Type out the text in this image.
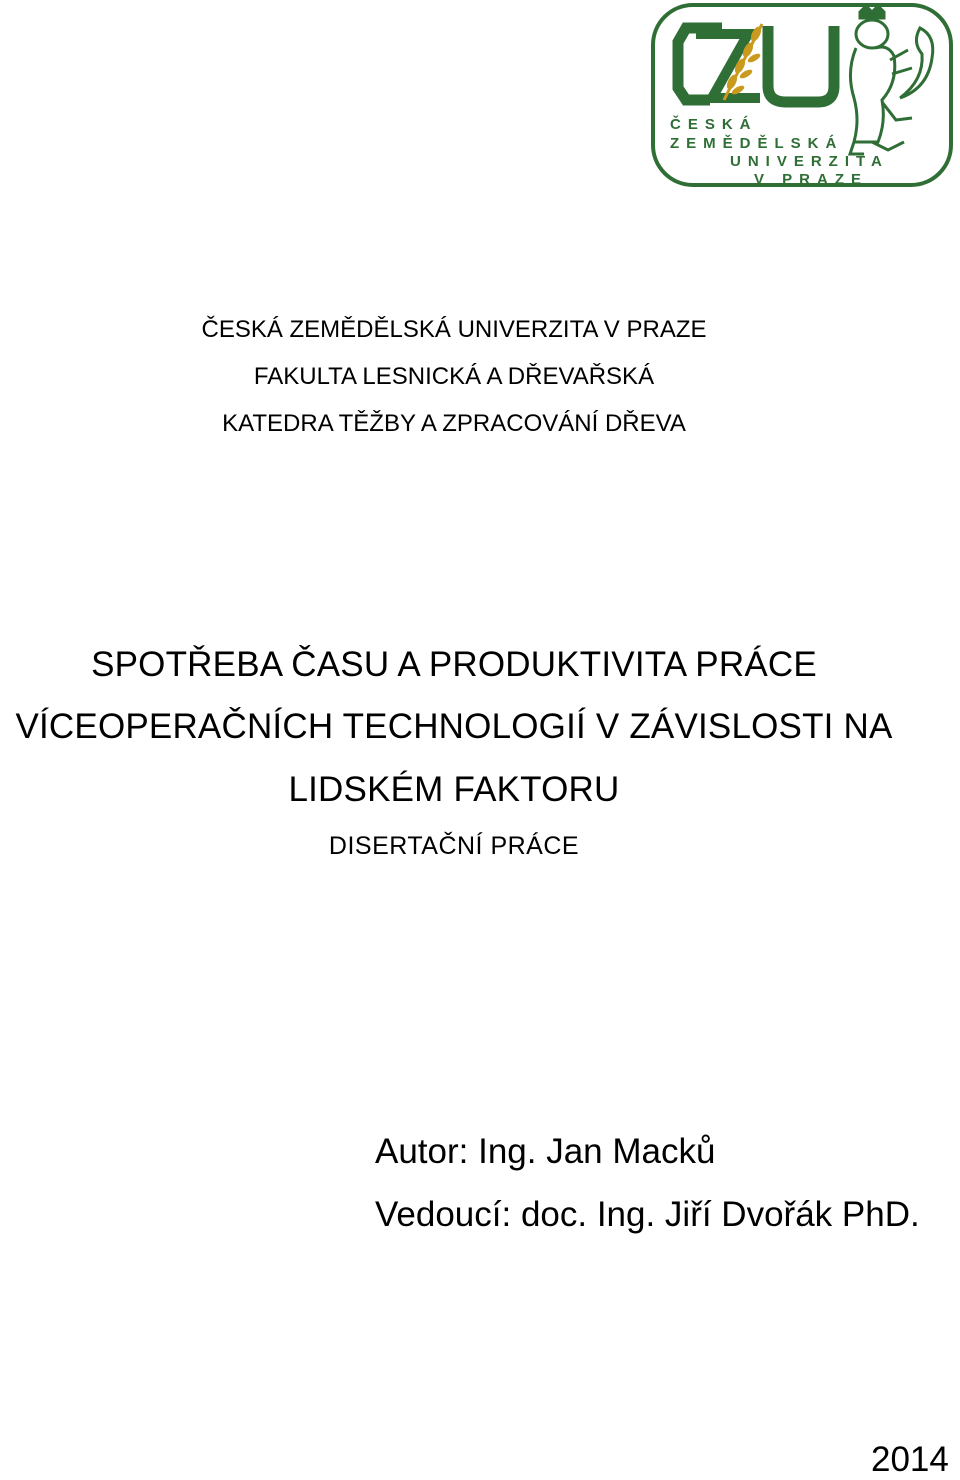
ČESKÁ
ZEMĚDĚLSKÁ
UNIVERZITA
V PRAZE
ČESKÁ ZEMĚDĚLSKÁ UNIVERZITA V PRAZE
FAKULTA LESNICKÁ A DŘEVAŘSKÁ
KATEDRA TĚŽBY A ZPRACOVÁNÍ DŘEVA
SPOTŘEBA ČASU A PRODUKTIVITA PRÁCE
VÍCEOPERAČNÍCH TECHNOLOGIÍ V ZÁVISLOSTI NA
LIDSKÉM FAKTORU
DISERTAČNÍ PRÁCE
Autor: Ing. Jan Macků
Vedoucí: doc. Ing. Jiří Dvořák PhD.
2014
